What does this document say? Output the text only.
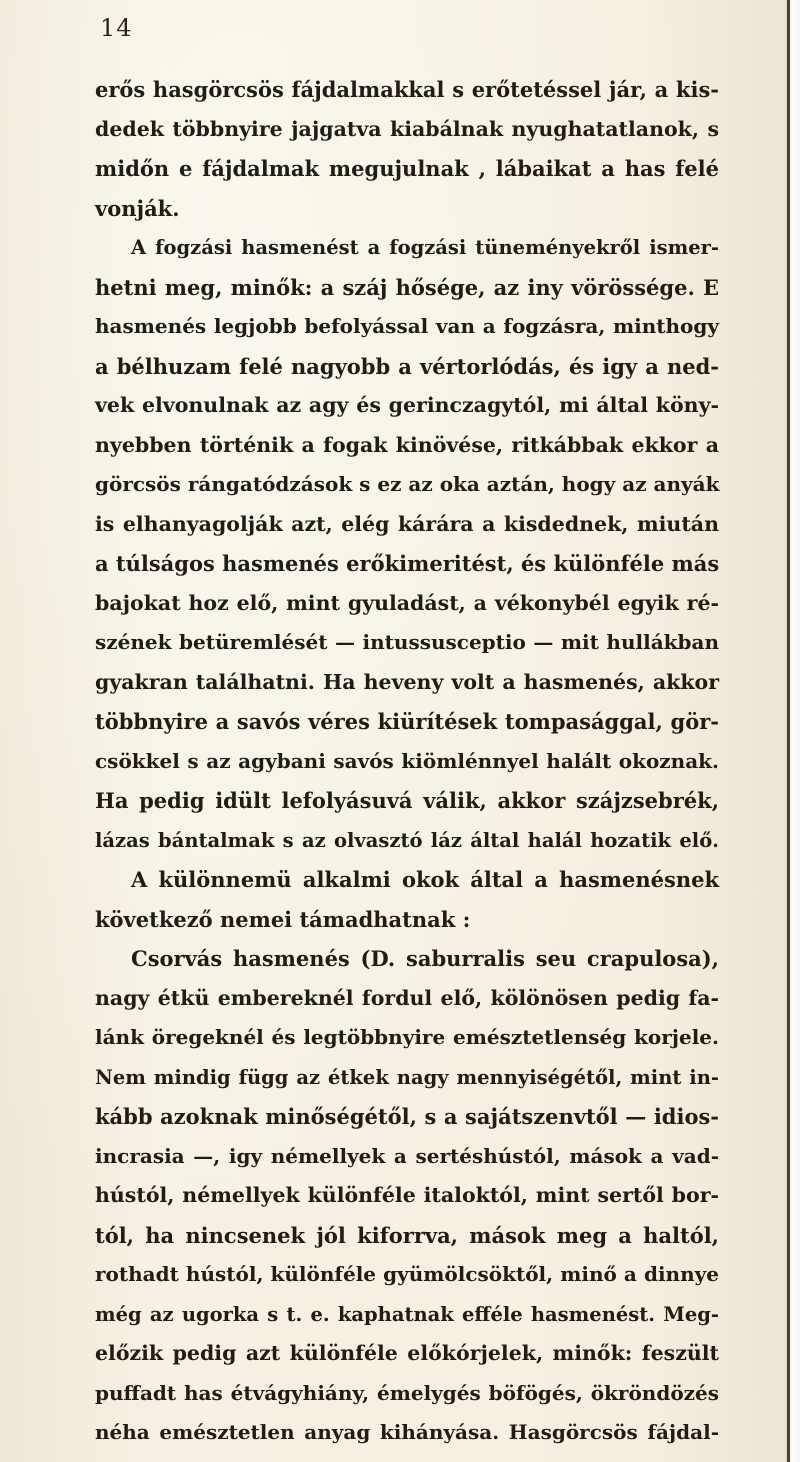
14
erős hasgörcsös fájdalmakkal s erőtetéssel jár, a kis-
dedek többnyire jajgatva kiabálnak nyughatatlanok, s
midőn e fájdalmak megujulnak , lábaikat a has felé
vonják.
A fogzási hasmenést a fogzási tüneményekről ismer-
hetni meg, minők: a száj hősége, az iny vörössége. E
hasmenés legjobb befolyással van a fogzásra, minthogy
a bélhuzam felé nagyobb a vértorlódás, és igy a ned-
vek elvonulnak az agy és gerinczagytól, mi által köny-
nyebben történik a fogak kinövése, ritkábbak ekkor a
görcsös rángatódzások s ez az oka aztán, hogy az anyák
is elhanyagolják azt, elég kárára a kisdednek, miután
a túlságos hasmenés erőkimeritést, és különféle más
bajokat hoz elő, mint gyuladást, a vékonybél egyik ré-
szének betüremlését — intussusceptio — mit hullákban
gyakran találhatni. Ha heveny volt a hasmenés, akkor
többnyire a savós véres kiürítések tompasággal, gör-
csökkel s az agybani savós kiömlénnyel halált okoznak.
Ha pedig idült lefolyásuvá válik, akkor szájzsebrék,
lázas bántalmak s az olvasztó láz által halál hozatik elő.
A különnemü alkalmi okok által a hasmenésnek
következő nemei támadhatnak :
Csorvás hasmenés (D. saburralis seu crapulosa),
nagy étkü embereknél fordul elő, kölönösen pedig fa-
lánk öregeknél és legtöbbnyire emésztetlenség korjele.
Nem mindig függ az étkek nagy mennyiségétől, mint in-
kább azoknak minőségétől, s a sajátszenvtől — idios-
incrasia —, igy némellyek a sertéshústól, mások a vad-
hústól, némellyek különféle italoktól, mint sertől bor-
tól, ha nincsenek jól kiforrva, mások meg a haltól,
rothadt hústól, különféle gyümölcsöktől, minő a dinnye
még az ugorka s t. e. kaphatnak efféle hasmenést. Meg-
előzik pedig azt különféle előkórjelek, minők: feszült
puffadt has étvágyhiány, émelygés böfögés, ökröndözés
néha emésztetlen anyag kihányása. Hasgörcsös fájdal-
